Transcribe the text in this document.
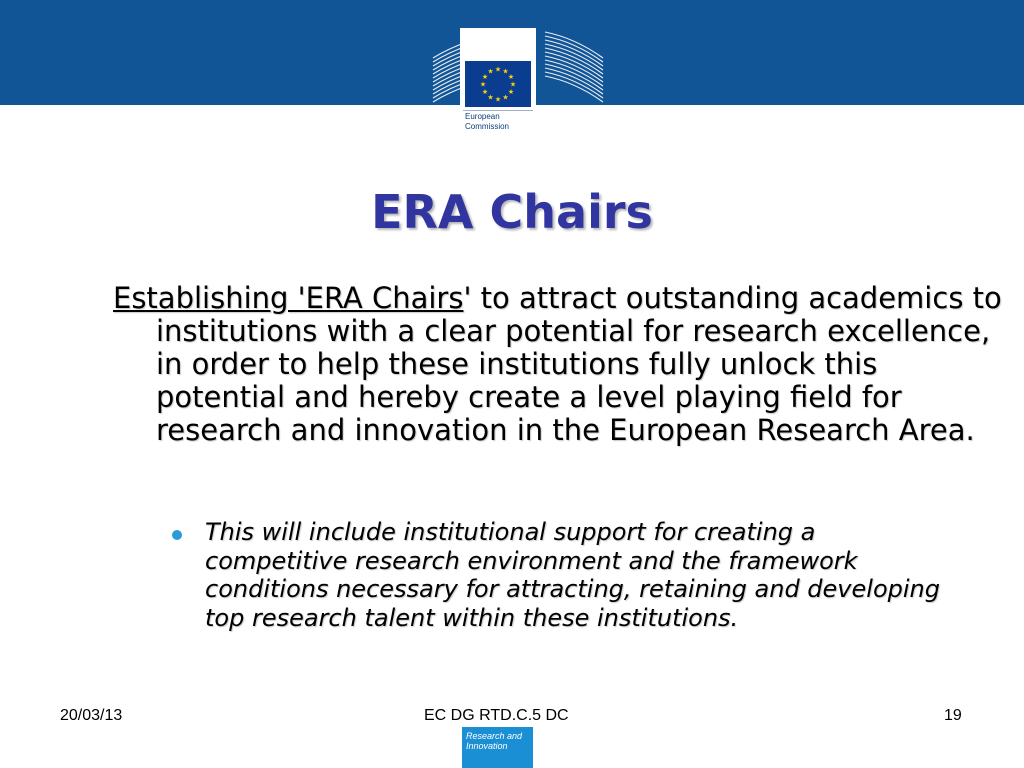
★ ★
★
★
★
★
★
★
★
★
★
★
European
Commission
ERA Chairs
Establishing 'ERA Chairs' to attract outstanding academics to institutions with a clear potential for research excellence, in order to help these institutions fully unlock this potential and hereby create a level playing field for research and innovation in the European Research Area.
This will include institutional support for creating a competitive research environment and the framework conditions necessary for attracting, retaining and developing top research talent within these institutions.
20/03/13	EC DG RTD.C.5 DC	19
Research and
Innovation
